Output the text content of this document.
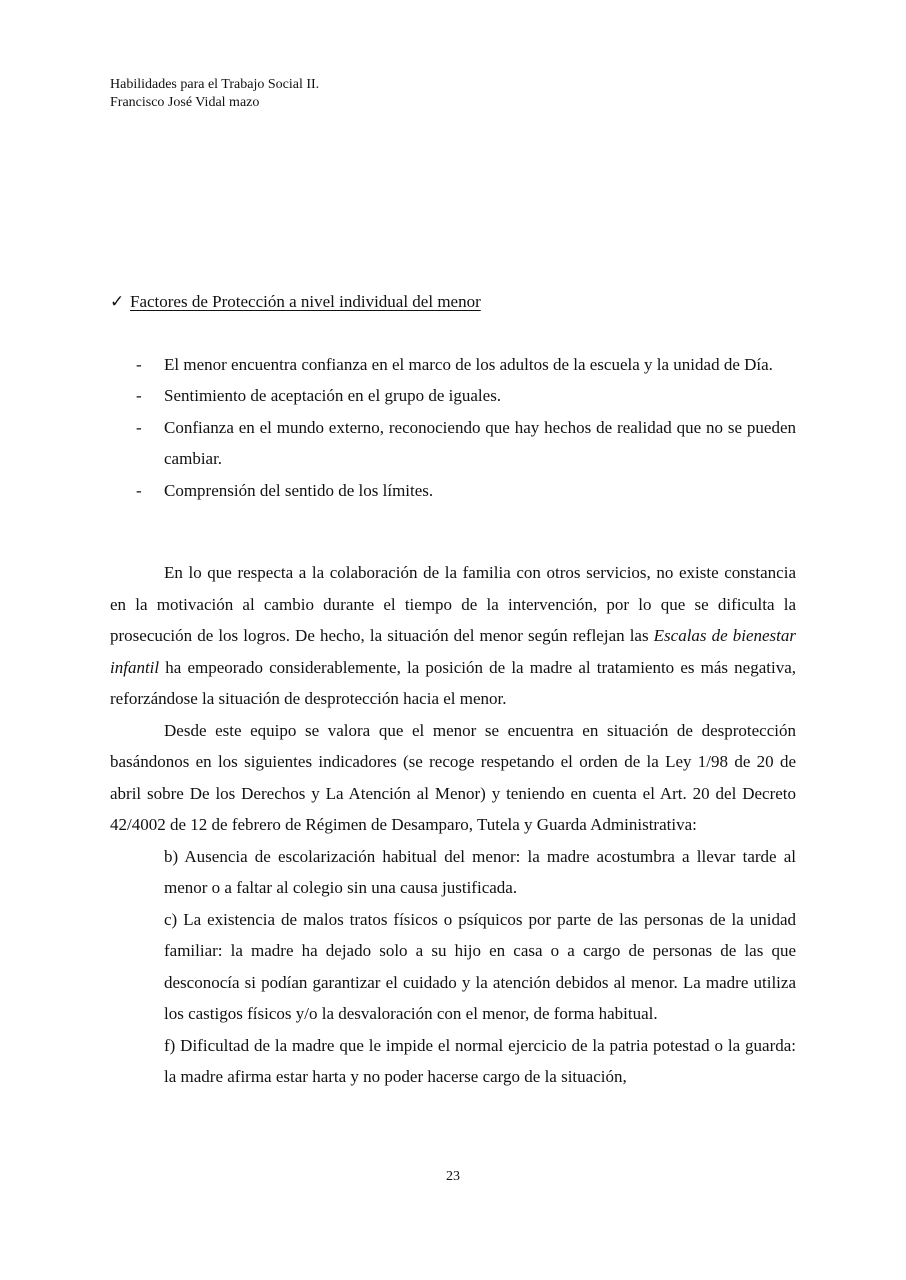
Habilidades para el Trabajo Social II.
Francisco José Vidal mazo
✓ Factores de Protección a nivel individual del menor
-	El menor encuentra confianza en el marco de los adultos de la escuela y la unidad de Día.
-	Sentimiento de aceptación en el grupo de iguales.
-	Confianza en el mundo externo, reconociendo que hay hechos de realidad que no se pueden cambiar.
-	Comprensión del sentido de los límites.

En lo que respecta a la colaboración de la familia con otros servicios, no existe constancia en la motivación al cambio durante el tiempo de la intervención, por lo que se dificulta la prosecución de los logros. De hecho, la situación del menor según reflejan las Escalas de bienestar infantil ha empeorado considerablemente, la posición de la madre al tratamiento es más negativa, reforzándose la situación de desprotección hacia el menor.

Desde este equipo se valora que el menor se encuentra en situación de desprotección basándonos en los siguientes indicadores (se recoge respetando el orden de la Ley 1/98 de 20 de abril sobre De los Derechos y La Atención al Menor) y teniendo en cuenta el Art. 20 del Decreto 42/4002 de 12 de febrero de Régimen de Desamparo, Tutela y Guarda Administrativa:

b) Ausencia de escolarización habitual del menor: la madre acostumbra a llevar tarde al menor o a faltar al colegio sin una causa justificada.

c) La existencia de malos tratos físicos o psíquicos por parte de las personas de la unidad familiar: la madre ha dejado solo a su hijo en casa o a cargo de personas de las que desconocía si podían garantizar el cuidado y la atención debidos al menor. La madre utiliza los castigos físicos y/o la desvaloración con el menor, de forma habitual.

f) Dificultad de la madre que le impide el normal ejercicio de la patria potestad o la guarda: la madre afirma estar harta y no poder hacerse cargo de la situación,

23
